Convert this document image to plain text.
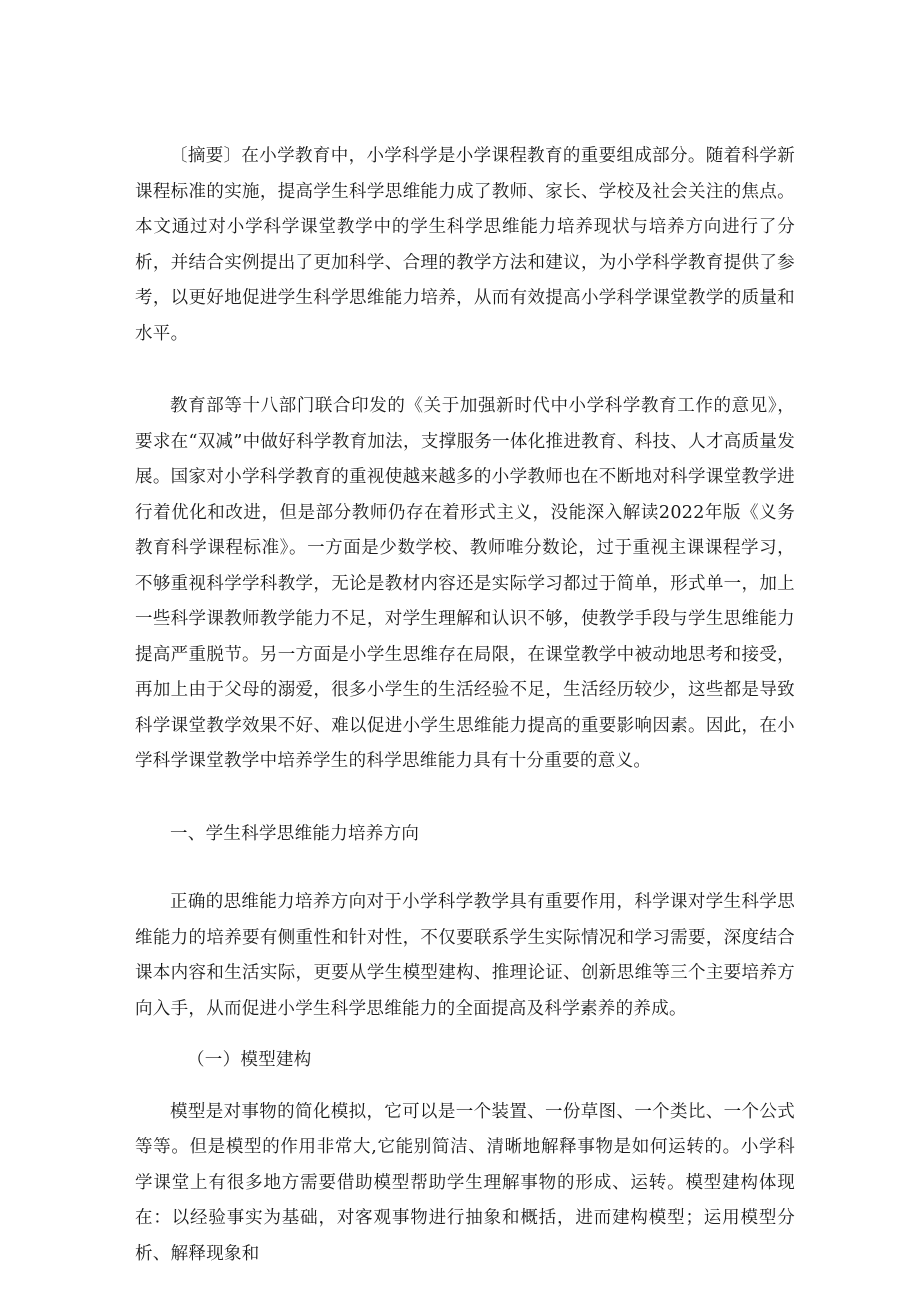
〔摘要〕在小学教育中，小学科学是小学课程教育的重要组成部分。随着科学新课程标准的实施，提高学生科学思维能力成了教师、家长、学校及社会关注的焦点。本文通过对小学科学课堂教学中的学生科学思维能力培养现状与培养方向进行了分析，并结合实例提出了更加科学、合理的教学方法和建议，为小学科学教育提供了参考，以更好地促进学生科学思维能力培养，从而有效提高小学科学课堂教学的质量和水平。

教育部等十八部门联合印发的《关于加强新时代中小学科学教育工作的意见》，要求在“双减”中做好科学教育加法，支撑服务一体化推进教育、科技、人才高质量发展。国家对小学科学教育的重视使越来越多的小学教师也在不断地对科学课堂教学进行着优化和改进，但是部分教师仍存在着形式主义，没能深入解读2022年版《义务教育科学课程标准》。一方面是少数学校、教师唯分数论，过于重视主课课程学习，不够重视科学学科教学，无论是教材内容还是实际学习都过于简单，形式单一，加上一些科学课教师教学能力不足，对学生理解和认识不够，使教学手段与学生思维能力提高严重脱节。另一方面是小学生思维存在局限，在课堂教学中被动地思考和接受，再加上由于父母的溺爱，很多小学生的生活经验不足，生活经历较少，这些都是导致科学课堂教学效果不好、难以促进小学生思维能力提高的重要影响因素。因此，在小学科学课堂教学中培养学生的科学思维能力具有十分重要的意义。

一、学生科学思维能力培养方向

正确的思维能力培养方向对于小学科学教学具有重要作用，科学课对学生科学思维能力的培养要有侧重性和针对性，不仅要联系学生实际情况和学习需要，深度结合课本内容和生活实际，更要从学生模型建构、推理论证、创新思维等三个主要培养方向入手，从而促进小学生科学思维能力的全面提高及科学素养的养成。

（一）模型建构

模型是对事物的简化模拟，它可以是一个装置、一份草图、一个类比、一个公式等等。但是模型的作用非常大,它能别简洁、清晰地解释事物是如何运转的。小学科学课堂上有很多地方需要借助模型帮助学生理解事物的形成、运转。模型建构体现在：以经验事实为基础，对客观事物进行抽象和概括，进而建构模型；运用模型分析、解释现象和
